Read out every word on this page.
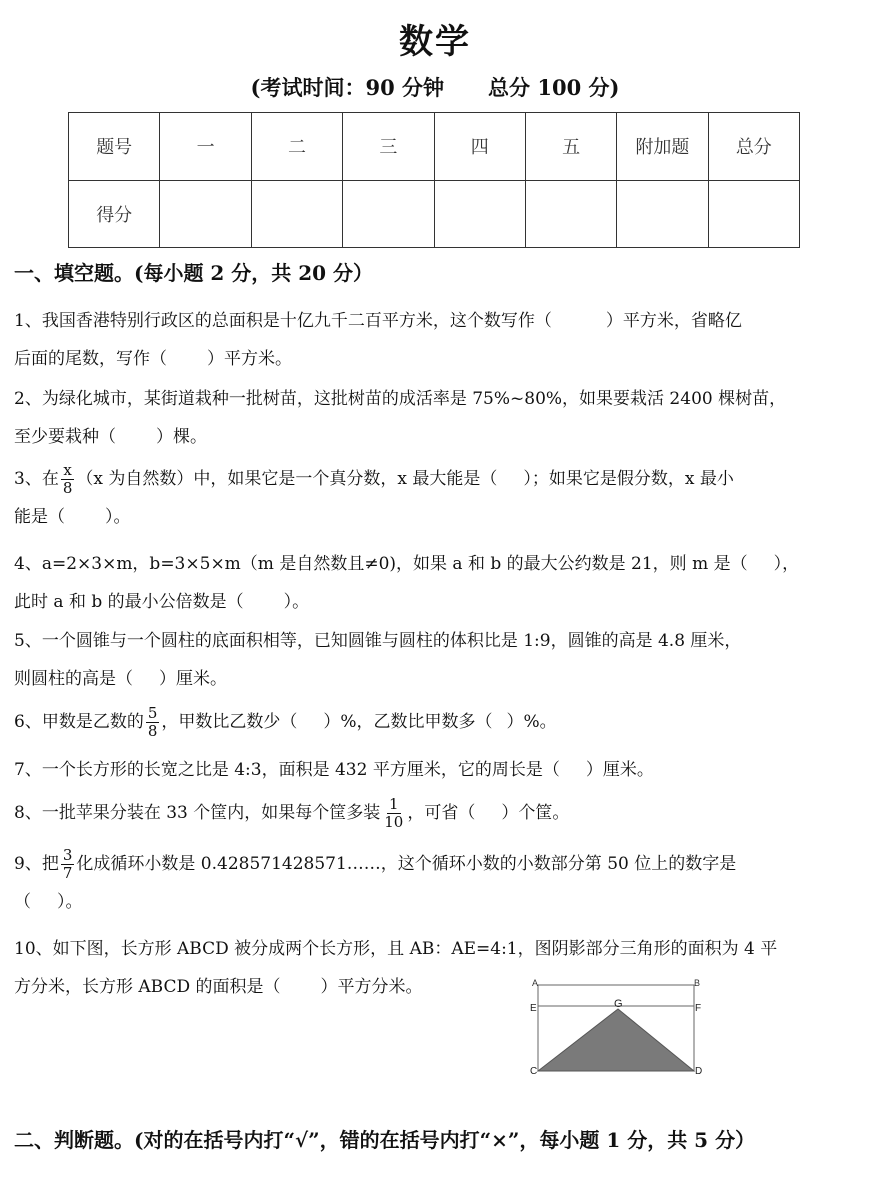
数学
(考试时间：90 分钟 总分 100 分)
题号	一	二	三	四	五	附加题	总分
得分							
一、填空题。(每小题 2 分，共 20 分）
1、我国香港特别行政区的总面积是十亿九千二百平方米，这个数写作（	）平方米，省略亿
后面的尾数，写作（ ）平方米。
2、为绿化城市，某街道栽种一批树苗，这批树苗的成活率是 75%~80%，如果要栽活 2400 棵树苗，
至少要栽种（ ）棵。
3、在 $\frac{x}{8} (x$ 为自然数）中，如果它是一个真分数，x 最大能是（ ）；如果它是假分数，x 最小
能是（ ）。
4、a=2×3×m，b=3×5×m（m 是自然数且≠0)，如果 a 和 b 的最大公约数是 21，则 m 是（ ），
此时 a 和 b 的最小公倍数是（ ）。
5、一个圆锥与一个圆柱的底面积相等，已知圆锥与圆柱的体积比是 1:9，圆锥的高是 4.8 厘米，
则圆柱的高是（ ）厘米。
6、甲数是乙数的 $\frac{5}{8}$ ，甲数比乙数少（ ）%，乙数比甲数多（ ）%。
7、一个长方形的长宽之比是 4:3，面积是 432 平方厘米，它的周长是（ ）厘米。
8、一批苹果分装在 33 个筐内，如果每个筐多装 $\frac{1}{10}$ ，可省（ ）个筐。
9、把 $\frac{3}{7}$ 化成循环小数是 0.428571428571……，这个循环小数的小数部分第 50 位上的数字是
（ ）。
10、如下图，长方形 ABCD 被分成两个长方形，且 AB：AE=4:1，图阴影部分三角形的面积为 4 平
方分米，长方形 ABCD 的面积是（ ）平方分米。	A	B
E	F
G
C	D
二、判断题。(对的在括号内打“√”，错的在括号内打“×”，每小题 1 分，共 5 分）
